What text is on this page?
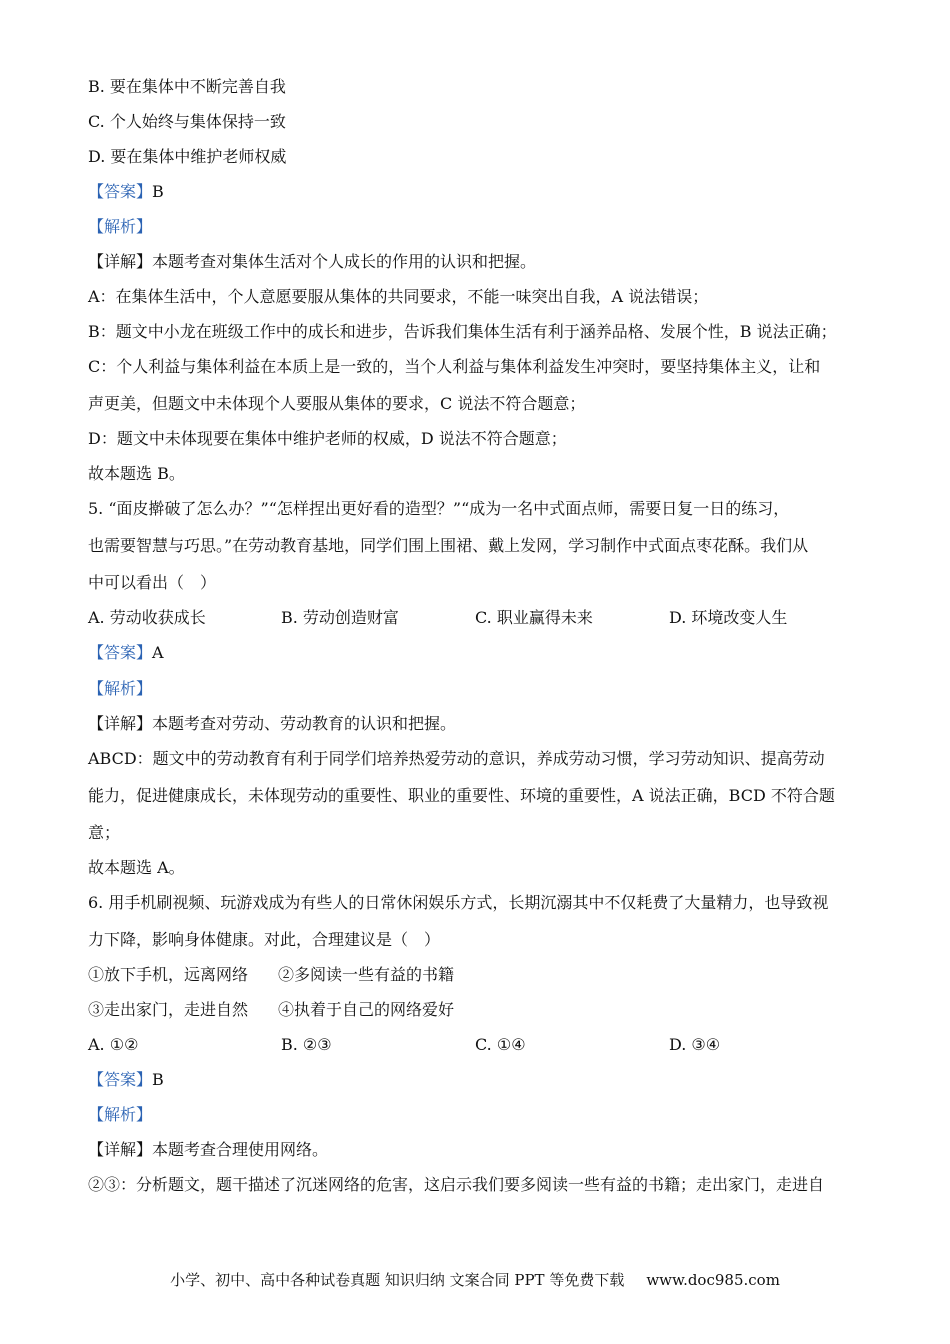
B. 要在集体中不断完善自我
C. 个人始终与集体保持一致
D. 要在集体中维护老师权威
【答案】B
【解析】
【详解】本题考查对集体生活对个人成长的作用的认识和把握。
A：在集体生活中，个人意愿要服从集体的共同要求，不能一味突出自我，A 说法错误；
B：题文中小龙在班级工作中的成长和进步，告诉我们集体生活有利于涵养品格、发展个性，B 说法正确；
C：个人利益与集体利益在本质上是一致的，当个人利益与集体利益发生冲突时，要坚持集体主义，让和
声更美，但题文中未体现个人要服从集体的要求，C 说法不符合题意；
D：题文中未体现要在集体中维护老师的权威，D 说法不符合题意；
故本题选 B。
5. “面皮擀破了怎么办？”“怎样捏出更好看的造型？”“成为一名中式面点师，需要日复一日的练习，
也需要智慧与巧思。”在劳动教育基地，同学们围上围裙、戴上发网，学习制作中式面点枣花酥。我们从
中可以看出（　）
A. 劳动收获成长	B. 劳动创造财富	C. 职业赢得未来	D. 环境改变人生
【答案】A
【解析】
【详解】本题考查对劳动、劳动教育的认识和把握。
ABCD：题文中的劳动教育有利于同学们培养热爱劳动的意识，养成劳动习惯，学习劳动知识、提高劳动
能力，促进健康成长，未体现劳动的重要性、职业的重要性、环境的重要性，A 说法正确，BCD 不符合题
意；
故本题选 A。
6. 用手机刷视频、玩游戏成为有些人的日常休闲娱乐方式，长期沉溺其中不仅耗费了大量精力，也导致视
力下降，影响身体健康。对此，合理建议是（　）
①放下手机，远离网络 ②多阅读一些有益的书籍
③走出家门，走进自然 ④执着于自己的网络爱好
A. ①②	B. ②③	C. ①④	D. ③④
【答案】B
【解析】
【详解】本题考查合理使用网络。
②③：分析题文，题干描述了沉迷网络的危害，这启示我们要多阅读一些有益的书籍；走出家门，走进自
小学、初中、高中各种试卷真题 知识归纳 文案合同 PPT 等免费下载 www.doc985.com
